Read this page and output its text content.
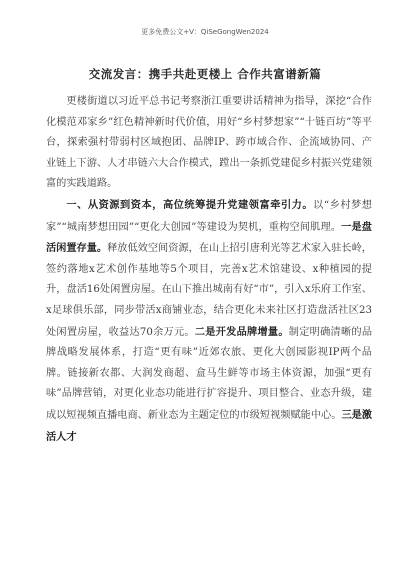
更多免费公文+V：QiSeGongWen2024
交流发言：携手共赴更楼上 合作共富谱新篇

更楼街道以习近平总书记考察浙江重要讲话精神为指导，深挖“合作化模范邓家乡”红色精神新时代价值，用好“乡村梦想家”“十链百坊”等平台，探索强村带弱村区域抱团、品牌IP、跨市域合作、企流域协同、产业链上下游、人才串链六大合作模式，蹚出一条抓党建促乡村振兴党建领富的实践道路。

一、从资源到资本，高位统筹提升党建领富牵引力。以“乡村梦想家”“城南梦想田园”“更化大创园”等建设为契机，重构空间肌理。一是盘活闲置存量。释放低效空间资源，在山上招引唐利光等艺术家入驻长岭，签约落地x艺术创作基地等5个项目，完善x艺术馆建设、x种植园的提升，盘活16处闲置房屋。在山下推出城南有好“市”，引入x乐府工作室、x足球俱乐部，同步带活x商铺业态，结合更化未来社区打造盘活社区23处闲置房屋，收益达70余万元。二是开发品牌增量。制定明确清晰的品牌战略发展体系，打造“更有味”近郊农旅、更化大创园影视IP两个品牌。链接新农都、大润发商超、盒马生鲜等市场主体资源，加强“更有味”品牌营销，对更化业态功能进行扩容提升、项目整合、业态升级，建成以短视频直播电商、新业态为主题定位的市级短视频赋能中心。三是激活人才
